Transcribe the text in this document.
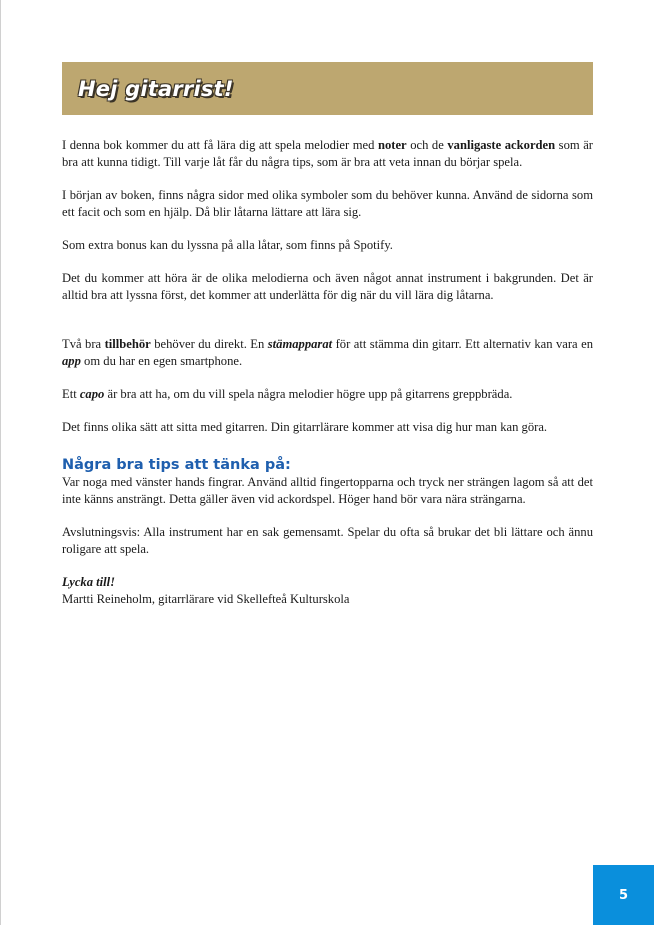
Hej gitarrist!

I denna bok kommer du att få lära dig att spela melodier med noter och de vanligaste ackorden som är bra att kunna tidigt. Till varje låt får du några tips, som är bra att veta innan du börjar spela.

I början av boken, finns några sidor med olika symboler som du behöver kunna. Använd de sidorna som ett facit och som en hjälp. Då blir låtarna lättare att lära sig.

Som extra bonus kan du lyssna på alla låtar, som finns på Spotify.

Det du kommer att höra är de olika melodierna och även något annat instrument i bakgrunden. Det är alltid bra att lyssna först, det kommer att underlätta för dig när du vill lära dig låtarna.

Två bra tillbehör behöver du direkt. En stämapparat för att stämma din gitarr. Ett alternativ kan vara en app om du har en egen smartphone.

Ett capo är bra att ha, om du vill spela några melodier högre upp på gitarrens greppbräda.

Det finns olika sätt att sitta med gitarren. Din gitarrlärare kommer att visa dig hur man kan göra.

Några bra tips att tänka på:

Var noga med vänster hands fingrar. Använd alltid fingertopparna och tryck ner strängen lagom så att det inte känns ansträngt. Detta gäller även vid ackordspel. Höger hand bör vara nära strängarna.

Avslutningsvis: Alla instrument har en sak gemensamt. Spelar du ofta så brukar det bli lättare och ännu roligare att spela.

Lycka till!

Martti Reineholm, gitarrlärare vid Skellefteå Kulturskola

5
